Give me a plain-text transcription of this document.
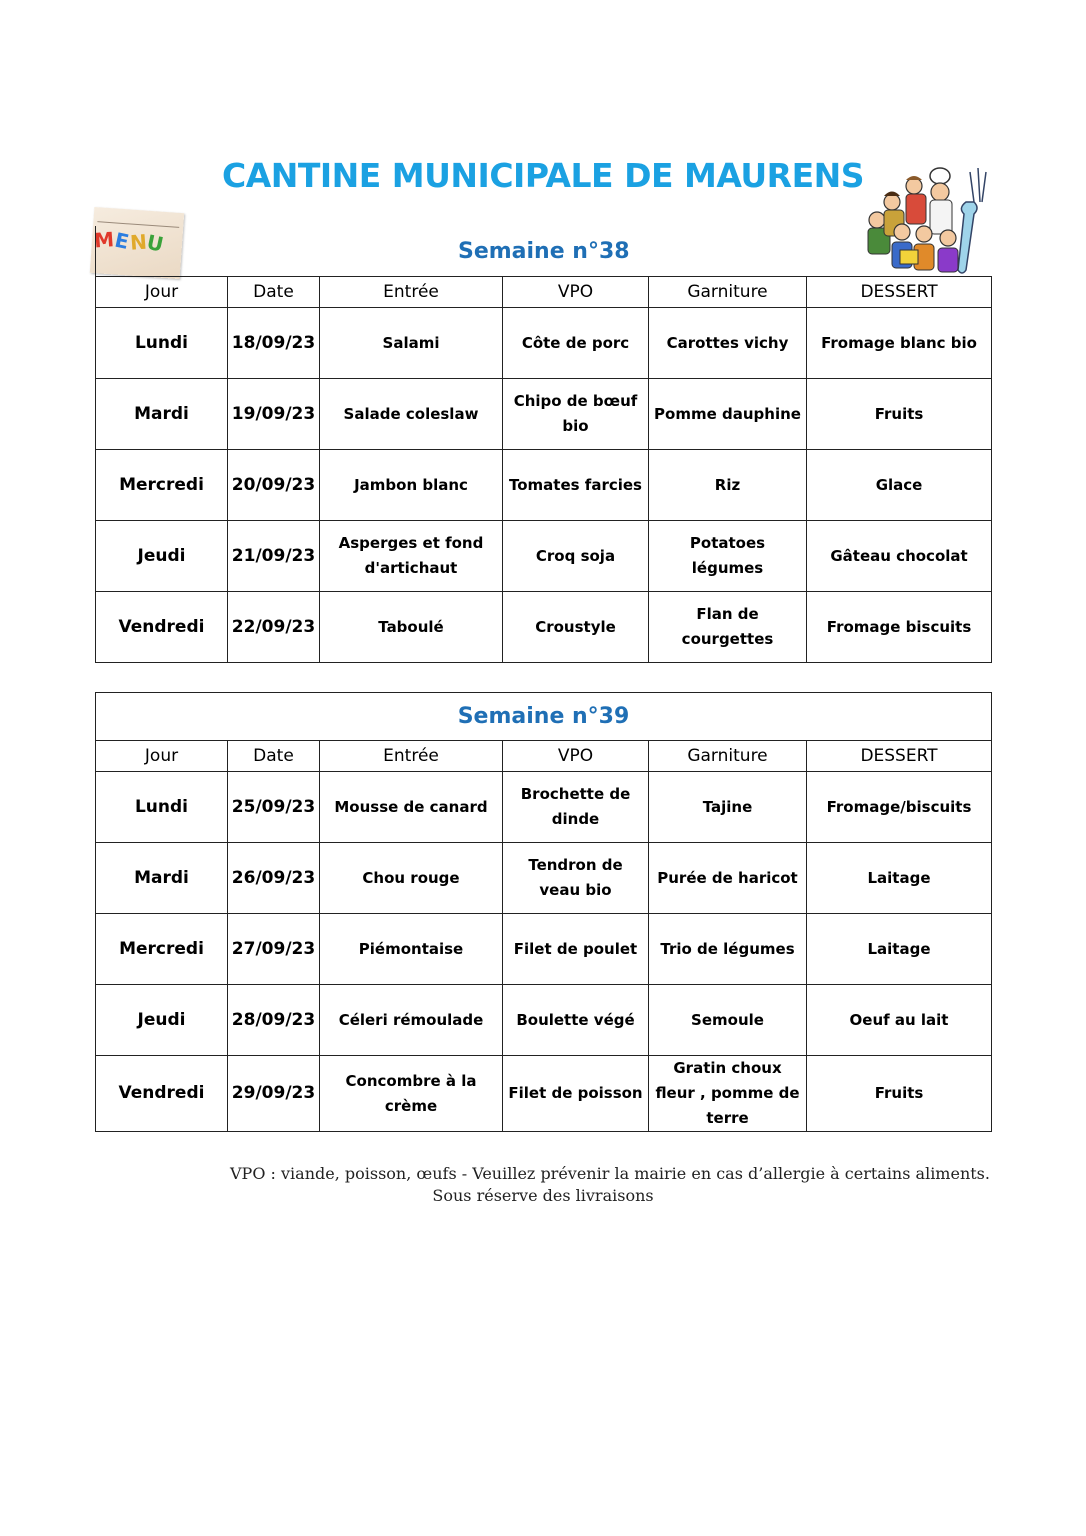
CANTINE MUNICIPALE DE MAURENS
MENU	Semaine n°38					
Jour	Date	Entrée	VPO	Garniture	DESSERT
Lundi	18/09/23	Salami	Côte de porc	Carottes vichy	Fromage blanc bio
Mardi	19/09/23	Salade coleslaw	Chipo de bœuf bio	Pomme dauphine	Fruits
Mercredi	20/09/23	Jambon blanc	Tomates farcies	Riz	Glace
Jeudi	21/09/23	Asperges et fond d'artichaut	Croq soja	Potatoes légumes	Gâteau chocolat
Vendredi	22/09/23	Taboulé	Croustyle	Flan de courgettes	Fromage biscuits
Semaine n°39					
Jour	Date	Entrée	VPO	Garniture	DESSERT
Lundi	25/09/23	Mousse de canard	Brochette de dinde	Tajine	Fromage/biscuits
Mardi	26/09/23	Chou rouge	Tendron de veau bio	Purée de haricot	Laitage
Mercredi	27/09/23	Piémontaise	Filet de poulet	Trio de légumes	Laitage
Jeudi	28/09/23	Céleri rémoulade	Boulette végé	Semoule	Oeuf au lait
Vendredi	29/09/23	Concombre à la crème	Filet de poisson	Gratin choux fleur , pomme de terre	Fruits
VPO : viande, poisson, œufs - Veuillez prévenir la mairie en cas d’allergie à certains aliments.
Sous réserve des livraisons
